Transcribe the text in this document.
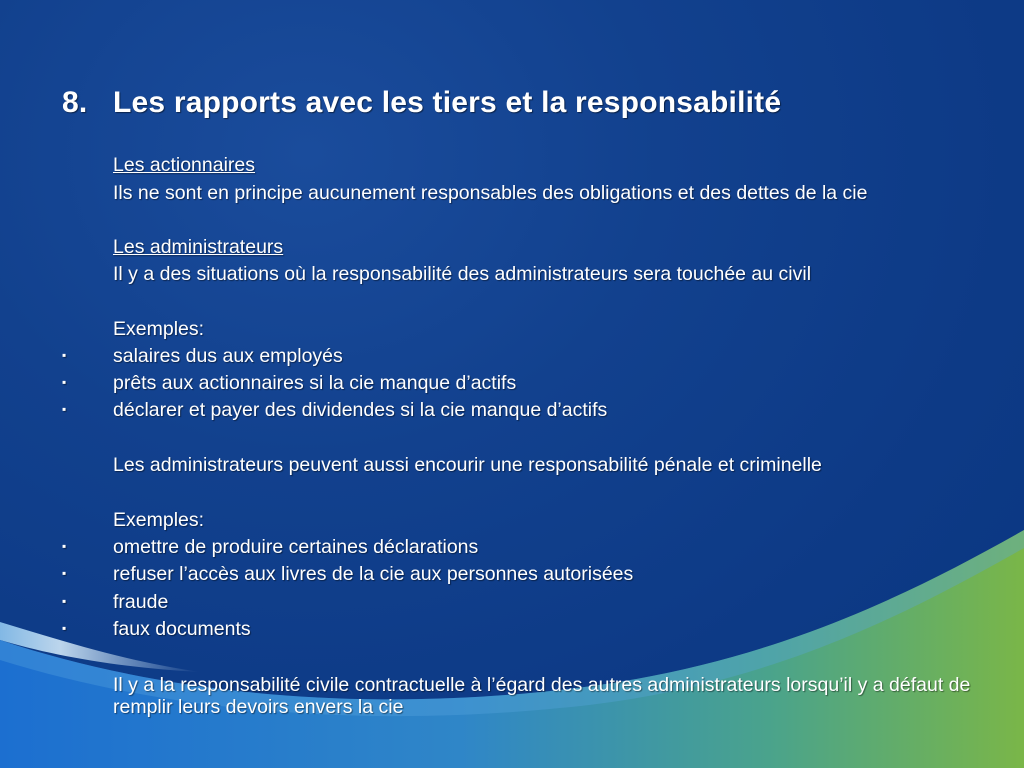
8. Les rapports avec les tiers et la responsabilité
Les actionnaires
Ils ne sont en principe aucunement responsables des obligations et des dettes de la cie
Les administrateurs
Il y a des situations où la responsabilité des administrateurs sera touchée au civil
Exemples:
▪ salaires dus aux employés
▪ prêts aux actionnaires si la cie manque d’actifs
▪ déclarer et payer des dividendes si la cie manque d’actifs
Les administrateurs peuvent aussi encourir une responsabilité pénale et criminelle
Exemples:
▪ omettre de produire certaines déclarations
▪ refuser l’accès aux livres de la cie aux personnes autorisées
▪ fraude
▪ faux documents
Il y a la responsabilité civile contractuelle à l’égard des autres administrateurs lorsqu’il y a défaut de remplir leurs devoirs envers la cie
